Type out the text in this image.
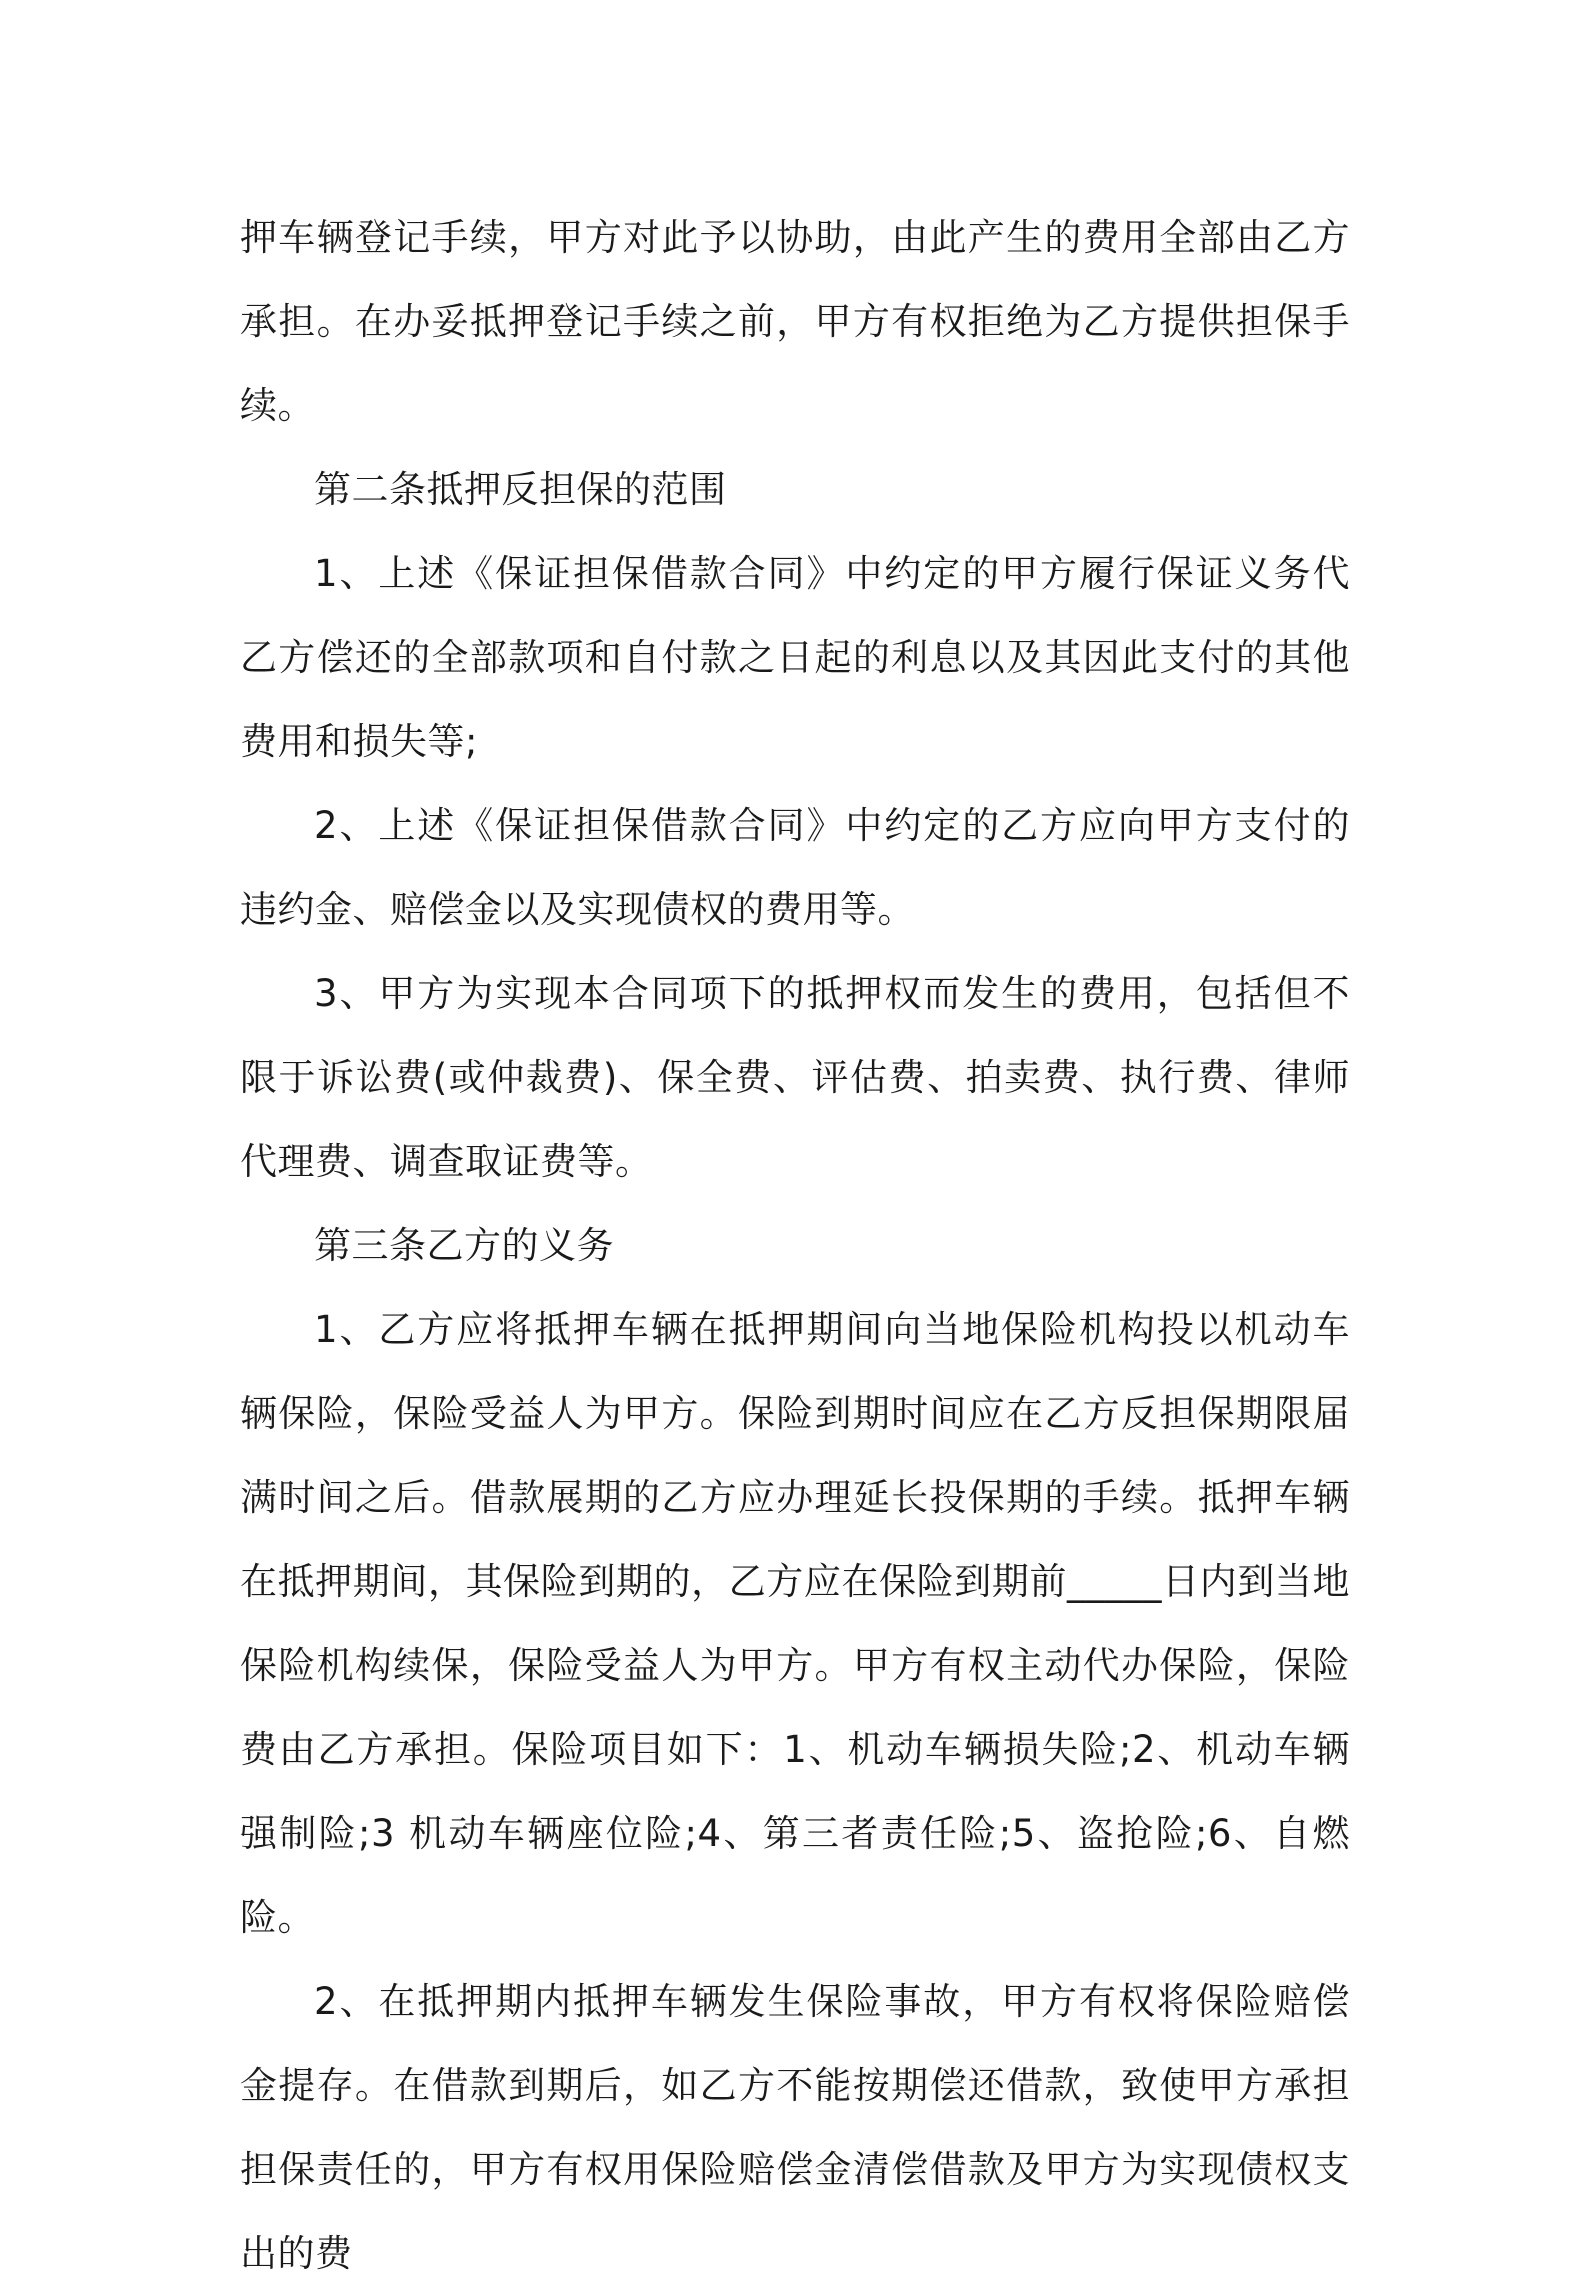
押车辆登记手续，甲方对此予以协助，由此产生的费用全部由乙方承担。在办妥抵押登记手续之前，甲方有权拒绝为乙方提供担保手续。

第二条抵押反担保的范围

1、上述《保证担保借款合同》中约定的甲方履行保证义务代乙方偿还的全部款项和自付款之日起的利息以及其因此支付的其他费用和损失等;

2、上述《保证担保借款合同》中约定的乙方应向甲方支付的违约金、赔偿金以及实现债权的费用等。

3、甲方为实现本合同项下的抵押权而发生的费用，包括但不限于诉讼费(或仲裁费)、保全费、评估费、拍卖费、执行费、律师代理费、调查取证费等。

第三条乙方的义务

1、乙方应将抵押车辆在抵押期间向当地保险机构投以机动车辆保险，保险受益人为甲方。保险到期时间应在乙方反担保期限届满时间之后。借款展期的乙方应办理延长投保期的手续。抵押车辆在抵押期间，其保险到期的，乙方应在保险到期前_____日内到当地保险机构续保，保险受益人为甲方。甲方有权主动代办保险，保险费由乙方承担。保险项目如下：1、机动车辆损失险;2、机动车辆强制险;3 机动车辆座位险;4、第三者责任险;5、盗抢险;6、自燃险。

2、在抵押期内抵押车辆发生保险事故，甲方有权将保险赔偿金提存。在借款到期后，如乙方不能按期偿还借款，致使甲方承担担保责任的，甲方有权用保险赔偿金清偿借款及甲方为实现债权支出的费
